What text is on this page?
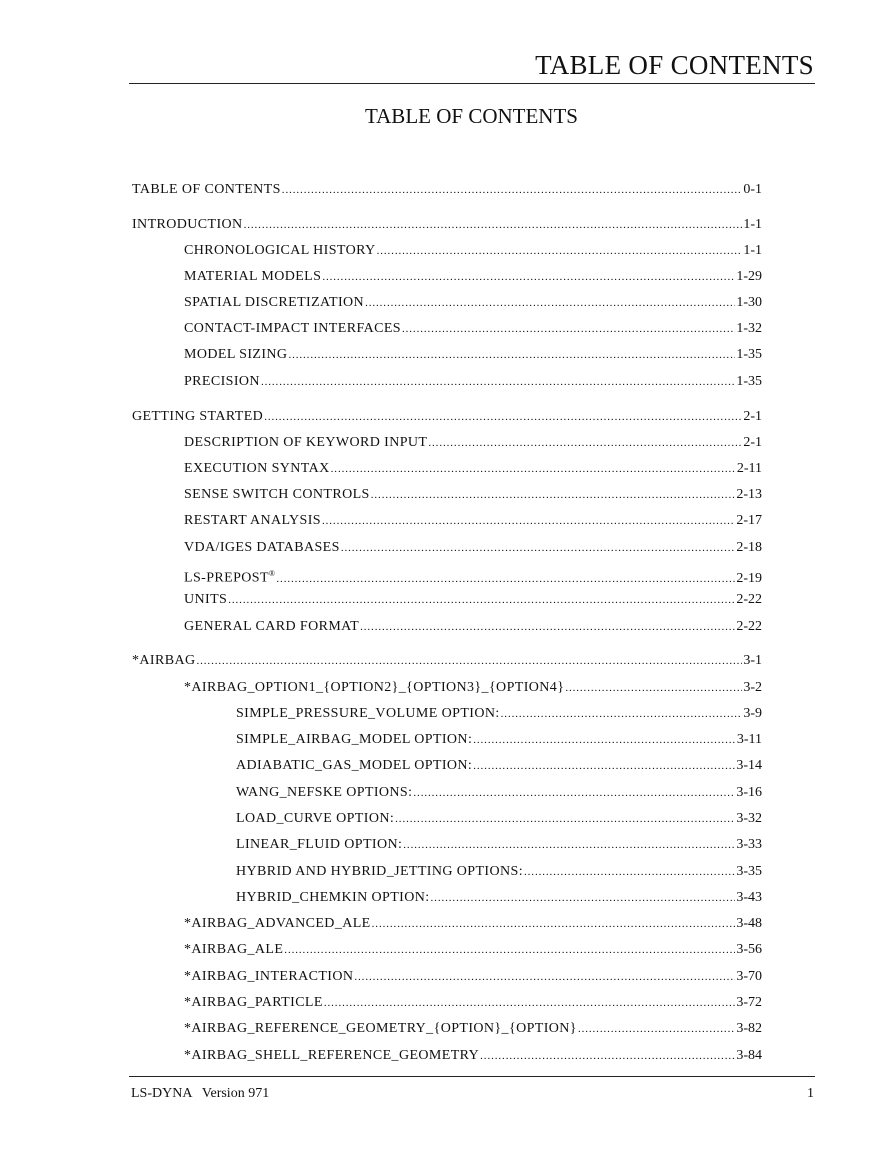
TABLE OF CONTENTS
TABLE OF CONTENTS
TABLE OF CONTENTS .....	0-1
INTRODUCTION .....	1-1
CHRONOLOGICAL HISTORY .....	1-1
MATERIAL MODELS .....	1-29
SPATIAL DISCRETIZATION .....	1-30
CONTACT-IMPACT INTERFACES .....	1-32
MODEL SIZING .....	1-35
PRECISION .....	1-35
GETTING STARTED .....	2-1
DESCRIPTION OF KEYWORD INPUT .....	2-1
EXECUTION SYNTAX .....	2-11
SENSE SWITCH CONTROLS .....	2-13
RESTART ANALYSIS .....	2-17
VDA/IGES DATABASES .....	2-18
LS-PREPOST® .....	2-19
UNITS .....	2-22
GENERAL CARD FORMAT .....	2-22
*AIRBAG .....	3-1
*AIRBAG_OPTION1_{OPTION2}_{OPTION3}_{OPTION4} .....	3-2
SIMPLE_PRESSURE_VOLUME OPTION: .....	3-9
SIMPLE_AIRBAG_MODEL OPTION: .....	3-11
ADIABATIC_GAS_MODEL OPTION: .....	3-14
WANG_NEFSKE OPTIONS: .....	3-16
LOAD_CURVE OPTION: .....	3-32
LINEAR_FLUID OPTION: .....	3-33
HYBRID AND HYBRID_JETTING OPTIONS: .....	3-35
HYBRID_CHEMKIN OPTION: .....	3-43
*AIRBAG_ADVANCED_ALE .....	3-48
*AIRBAG_ALE .....	3-56
*AIRBAG_INTERACTION .....	3-70
*AIRBAG_PARTICLE .....	3-72
*AIRBAG_REFERENCE_GEOMETRY_{OPTION}_{OPTION} .....	3-82
*AIRBAG_SHELL_REFERENCE_GEOMETRY .....	3-84
LS-DYNA   Version 971	1
